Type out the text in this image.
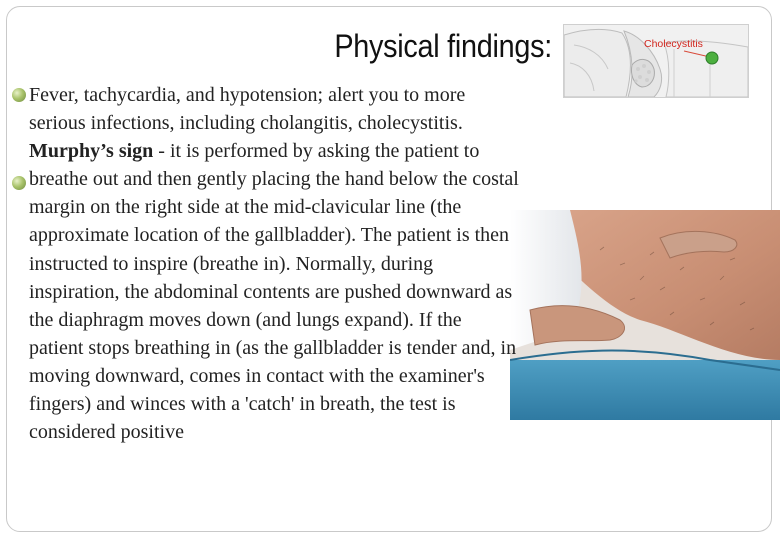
Physical findings:	Cholecystitis

Fever, tachycardia, and hypotension; alert you to more serious infections, including cholangitis, cholecystitis.

Murphy’s sign - it is performed by asking the patient to breathe out and then gently placing the hand below the costal margin on the right side at the mid-clavicular line (the approximate location of the gallbladder). The patient is then instructed to inspire (breathe in). Normally, during inspiration, the abdominal contents are pushed downward as the diaphragm moves down (and lungs expand). If the patient stops breathing in (as the gallbladder is tender and, in moving downward, comes in contact with the examiner's fingers) and winces with a 'catch' in breath, the test is considered positive
